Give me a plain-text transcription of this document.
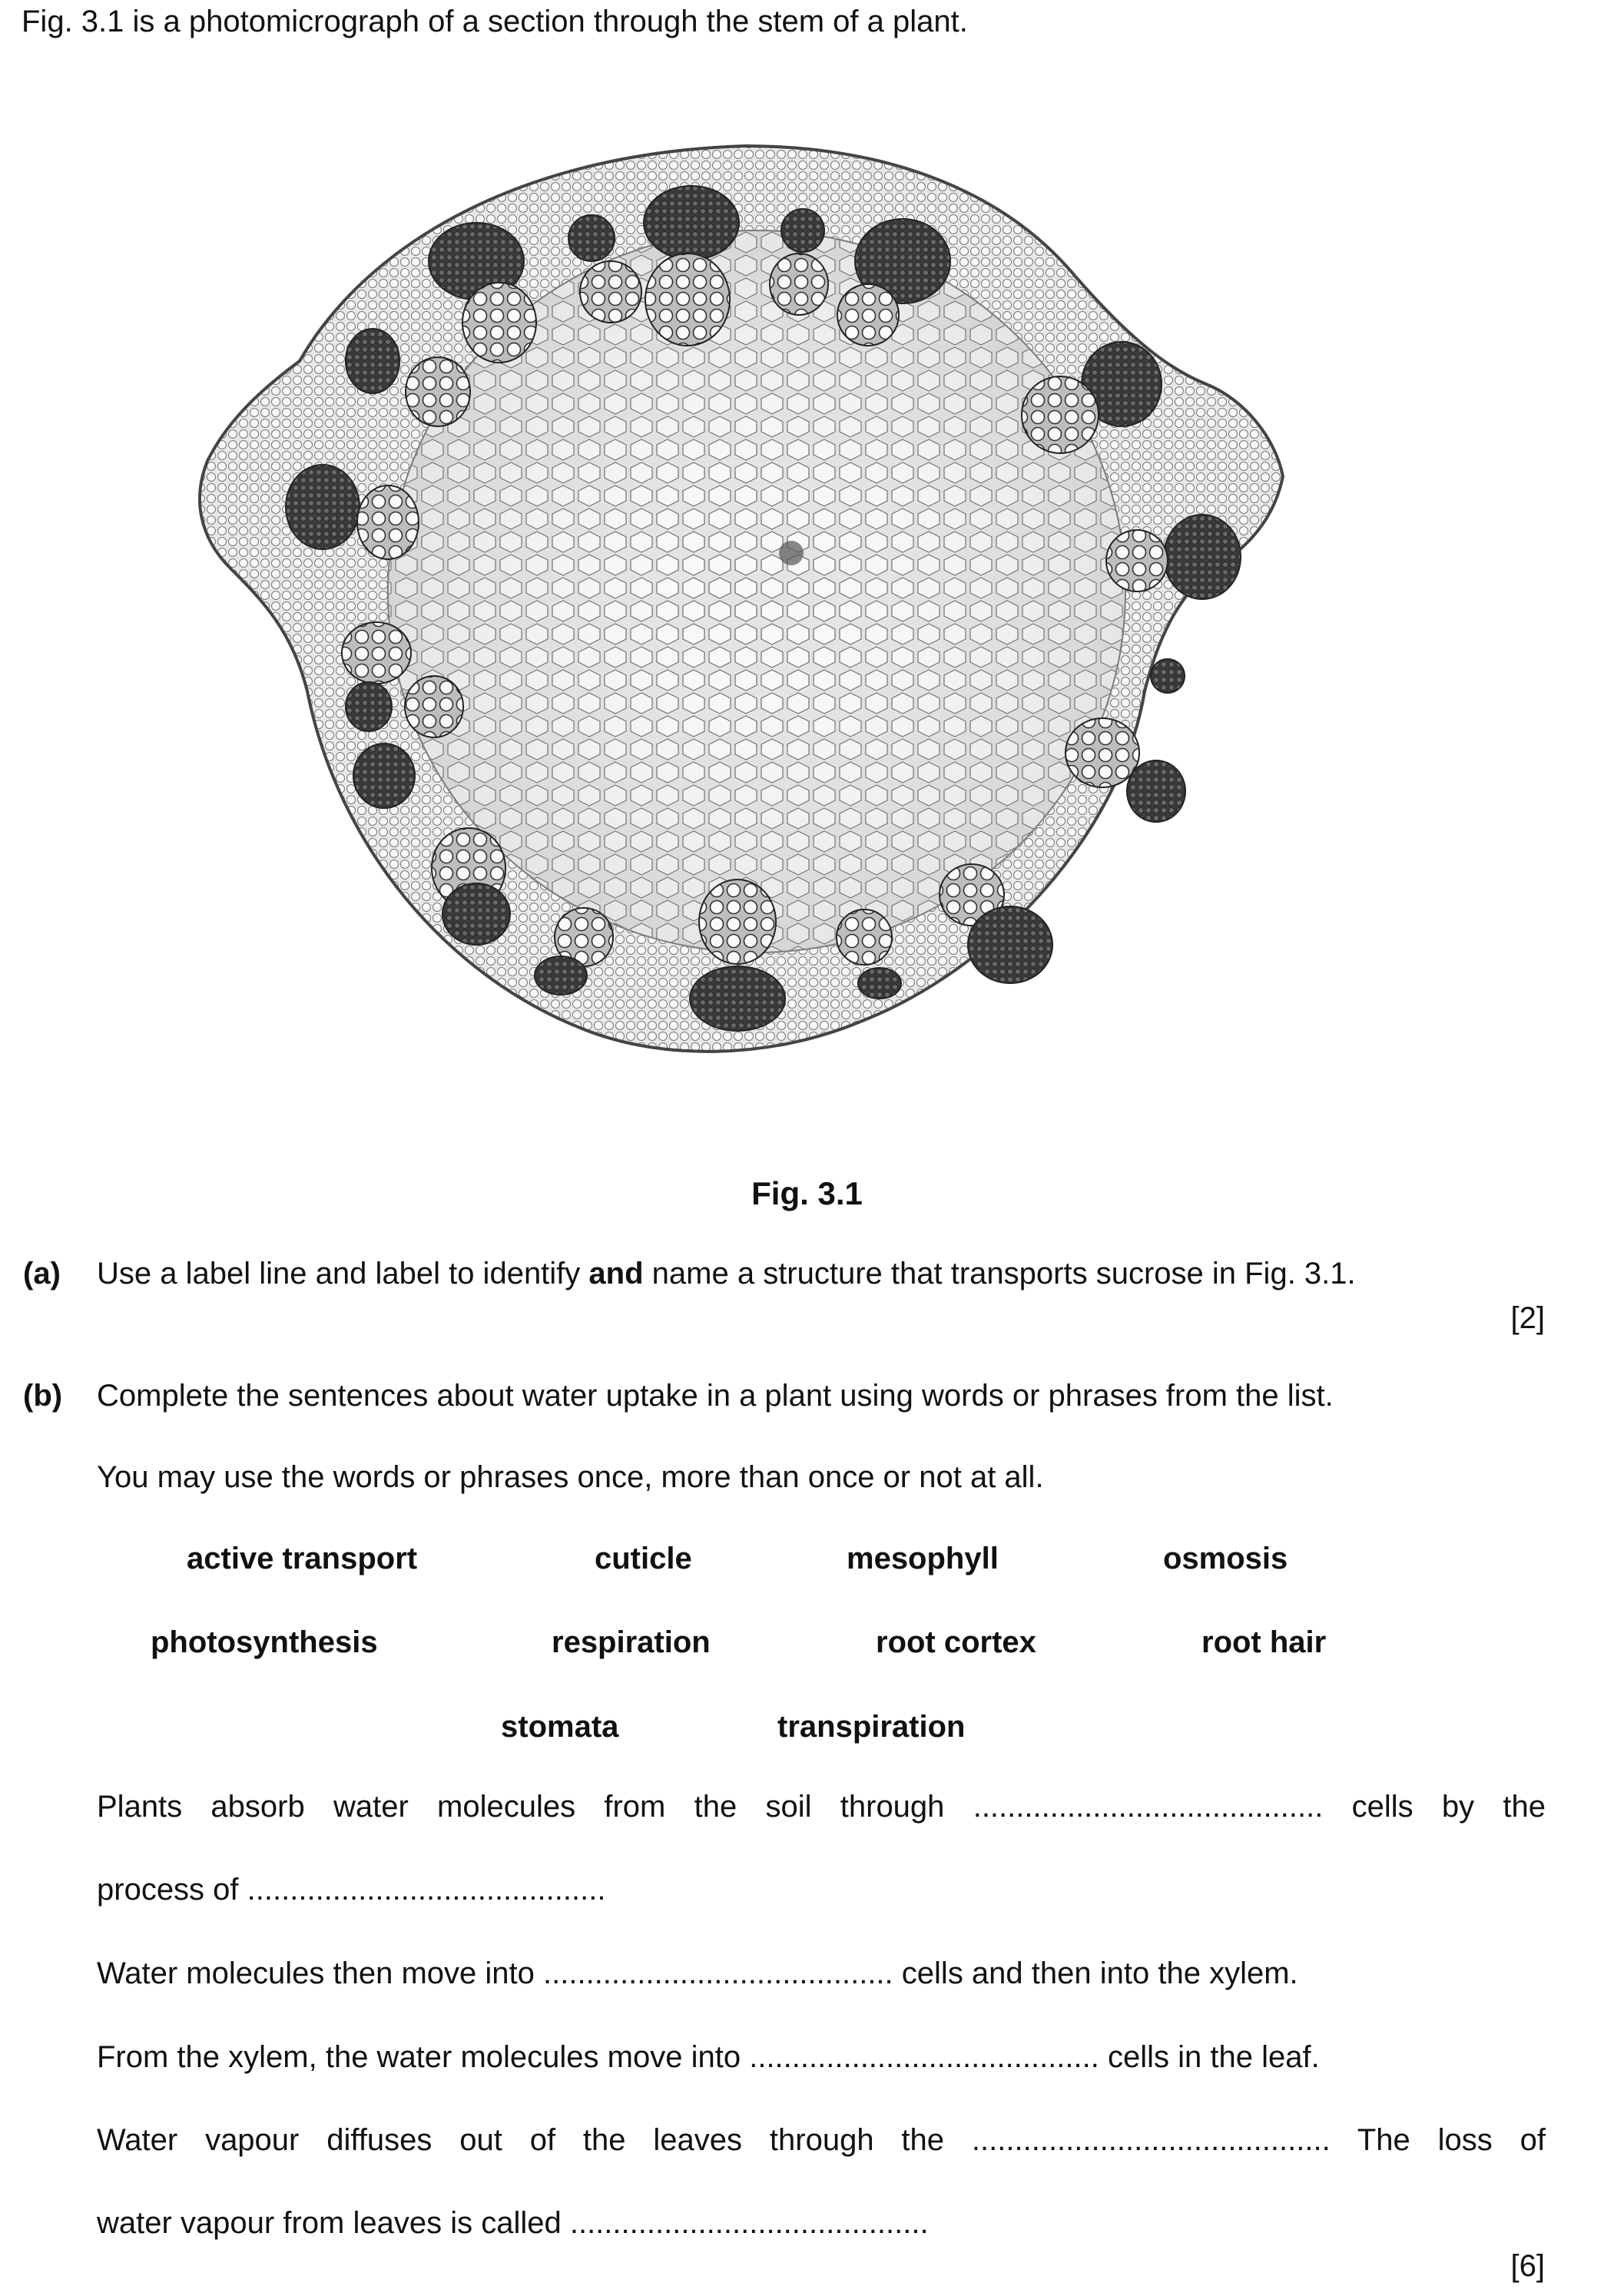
Fig. 3.1 is a photomicrograph of a section through the stem of a plant.
Fig. 3.1
(a) Use a label line and label to identify and name a structure that transports sucrose in Fig. 3.1.
[2]
(b) Complete the sentences about water uptake in a plant using words or phrases from the list.
You may use the words or phrases once, more than once or not at all.
active transport	cuticle	mesophyll	osmosis
photosynthesis	respiration	root cortex	root hair
stomata	transpiration
Plants absorb water molecules from the soil through ......................................... cells by the
process of ..........................................
Water molecules then move into ......................................... cells and then into the xylem.
From the xylem, the water molecules move into ......................................... cells in the leaf.
Water vapour diffuses out of the leaves through the .......................................... The loss of
water vapour from leaves is called ..........................................
[6]
